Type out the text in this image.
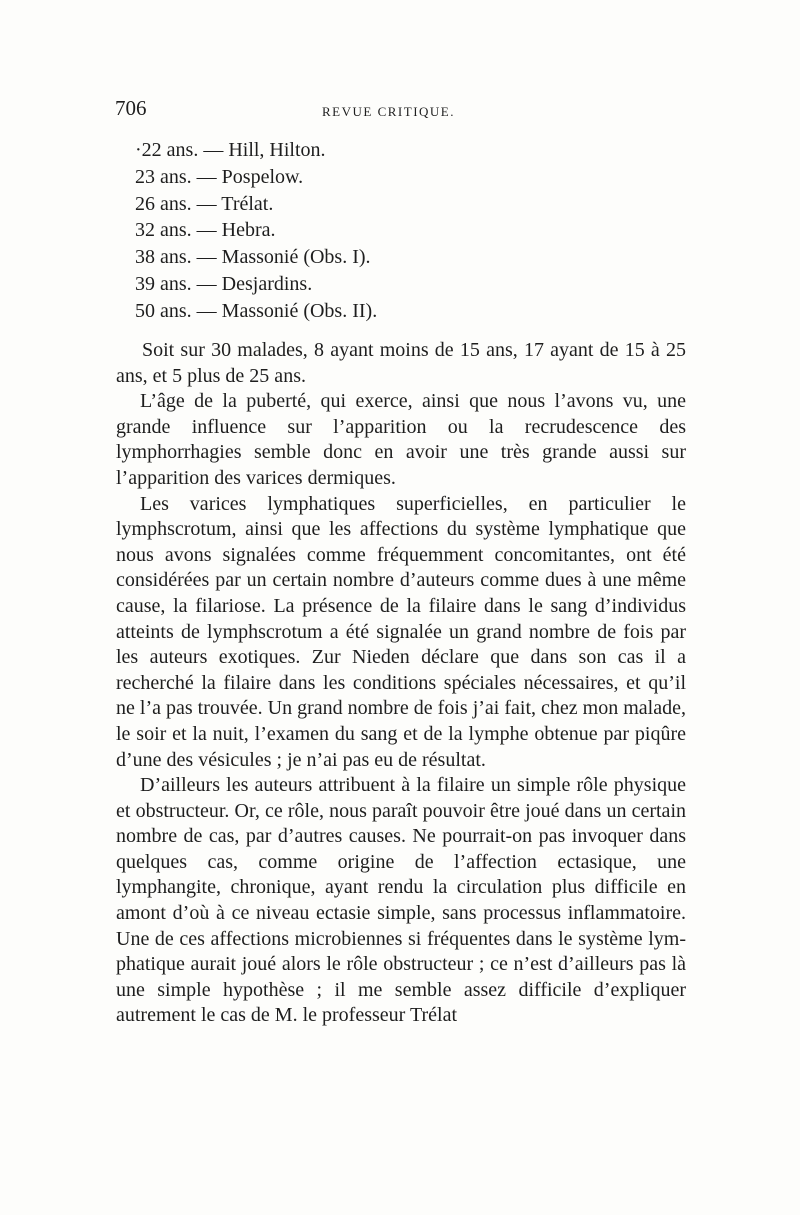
706	REVUE CRITIQUE.
·22 ans. — Hill, Hilton.
23 ans. — Pospelow.
26 ans. — Trélat.
32 ans. — Hebra.
38 ans. — Massonié (Obs. I).
39 ans. — Desjardins.
50 ans. — Massonié (Obs. II).

Soit sur 30 malades, 8 ayant moins de 15 ans, 17 ayant de 15 à 25 ans, et 5 plus de 25 ans.

L’âge de la puberté, qui exerce, ainsi que nous l’avons vu, une grande influence sur l’apparition ou la recrudescence des lymphorrhagies semble donc en avoir une très grande aussi sur l’apparition des varices dermiques.

Les varices lymphatiques superficielles, en particulier le lymphscrotum, ainsi que les affections du système lymphatique que nous avons signalées comme fréquemment concomitantes, ont été considérées par un certain nombre d’auteurs comme dues à une même cause, la filariose. La présence de la filaire dans le sang d’individus atteints de lymphscrotum a été signalée un grand nombre de fois par les auteurs exotiques. Zur Nieden déclare que dans son cas il a recherché la filaire dans les conditions spéciales nécessaires, et qu’il ne l’a pas trouvée. Un grand nombre de fois j’ai fait, chez mon malade, le soir et la nuit, l’examen du sang et de la lymphe obtenue par piqûre d’une des vésicules ; je n’ai pas eu de résultat.

D’ailleurs les auteurs attribuent à la filaire un simple rôle physique et obstructeur. Or, ce rôle, nous paraît pouvoir être joué dans un certain nombre de cas, par d’autres causes. Ne pourrait-on pas invoquer dans quelques cas, comme origine de l’affection ectasique, une lymphangite, chronique, ayant rendu la circulation plus difficile en amont d’où à ce niveau ectasie simple, sans processus inflammatoire. Une de ces affections microbiennes si fréquentes dans le système lymphatique aurait joué alors le rôle obstructeur ; ce n’est d’ailleurs pas là une simple hypothèse ; il me semble assez difficile d’expliquer autrement le cas de M. le professeur Trélat
